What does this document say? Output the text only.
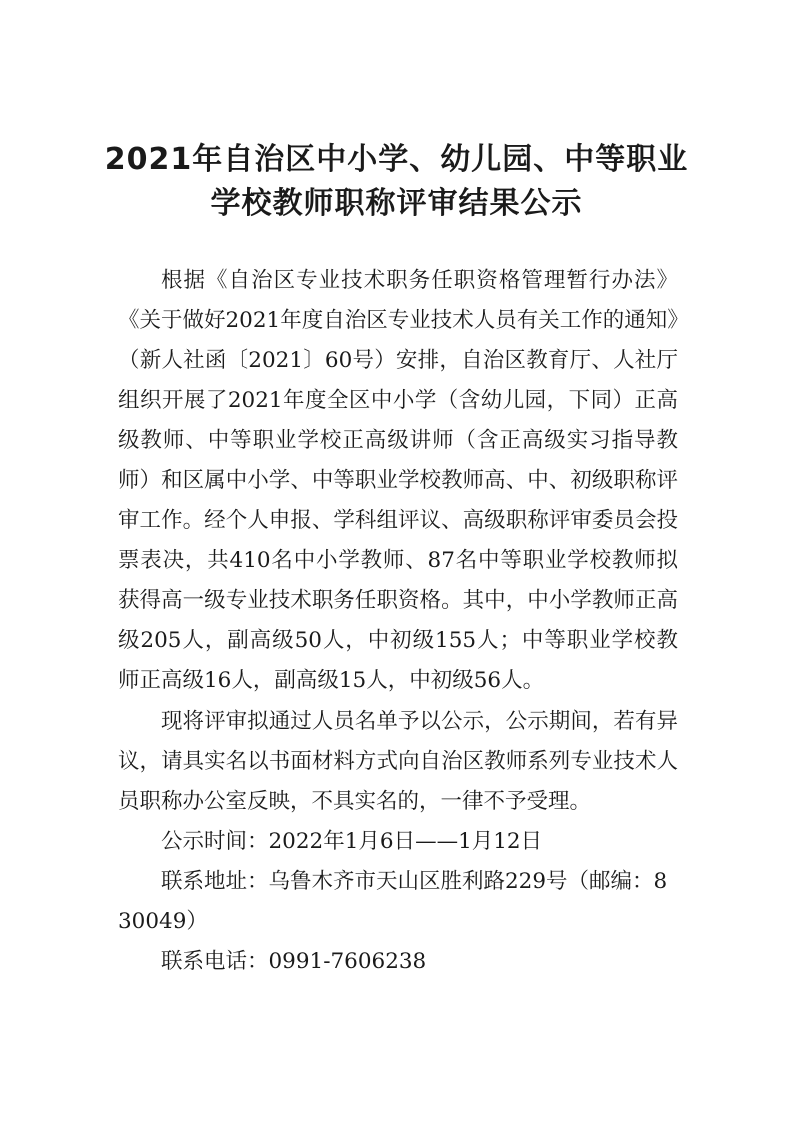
2021年自治区中小学、幼儿园、中等职业
学校教师职称评审结果公示

根据《自治区专业技术职务任职资格管理暂行办法》《关于做好2021年度自治区专业技术人员有关工作的通知》（新人社函〔2021〕60号）安排，自治区教育厅、人社厅组织开展了2021年度全区中小学（含幼儿园，下同）正高级教师、中等职业学校正高级讲师（含正高级实习指导教师）和区属中小学、中等职业学校教师高、中、初级职称评审工作。经个人申报、学科组评议、高级职称评审委员会投票表决，共410名中小学教师、87名中等职业学校教师拟获得高一级专业技术职务任职资格。其中，中小学教师正高级205人，副高级50人，中初级155人；中等职业学校教师正高级16人，副高级15人，中初级56人。

现将评审拟通过人员名单予以公示，公示期间，若有异议，请具实名以书面材料方式向自治区教师系列专业技术人员职称办公室反映，不具实名的，一律不予受理。

公示时间：2022年1月6日——1月12日

联系地址：乌鲁木齐市天山区胜利路229号（邮编：830049）

联系电话：0991-7606238
